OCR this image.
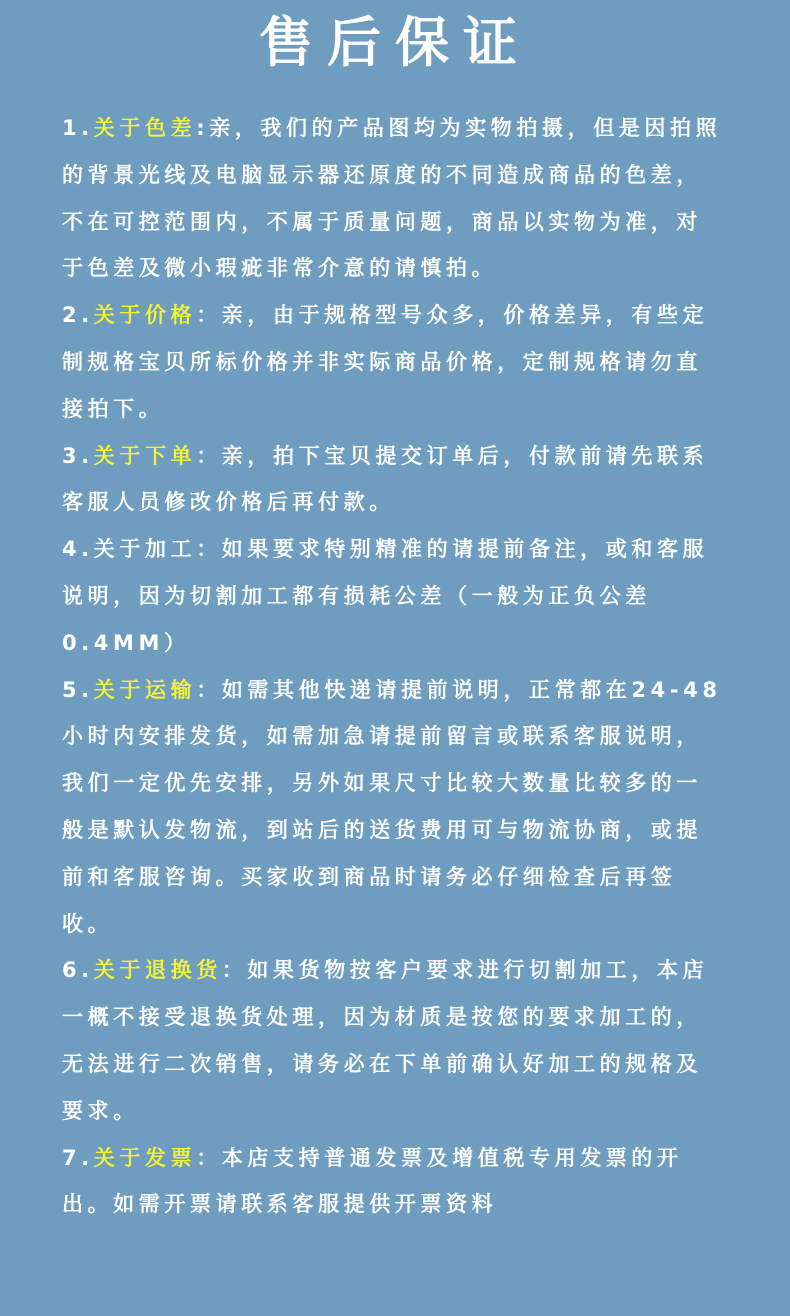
售后保证

1.关于色差:亲，我们的产品图均为实物拍摄，但是因拍照的背景光线及电脑显示器还原度的不同造成商品的色差，不在可控范围内，不属于质量问题，商品以实物为准，对于色差及微小瑕疵非常介意的请慎拍。

2.关于价格：亲，由于规格型号众多，价格差异，有些定制规格宝贝所标价格并非实际商品价格，定制规格请勿直接拍下。

3.关于下单：亲，拍下宝贝提交订单后，付款前请先联系客服人员修改价格后再付款。

4.关于加工：如果要求特别精准的请提前备注，或和客服说明，因为切割加工都有损耗公差（一般为正负公差0.4MM）

5.关于运输：如需其他快递请提前说明，正常都在24-48小时内安排发货，如需加急请提前留言或联系客服说明，我们一定优先安排，另外如果尺寸比较大数量比较多的一般是默认发物流，到站后的送货费用可与物流协商，或提前和客服咨询。买家收到商品时请务必仔细检查后再签收。

6.关于退换货：如果货物按客户要求进行切割加工，本店一概不接受退换货处理，因为材质是按您的要求加工的，无法进行二次销售，请务必在下单前确认好加工的规格及要求。

7.关于发票：本店支持普通发票及增值税专用发票的开出。如需开票请联系客服提供开票资料
